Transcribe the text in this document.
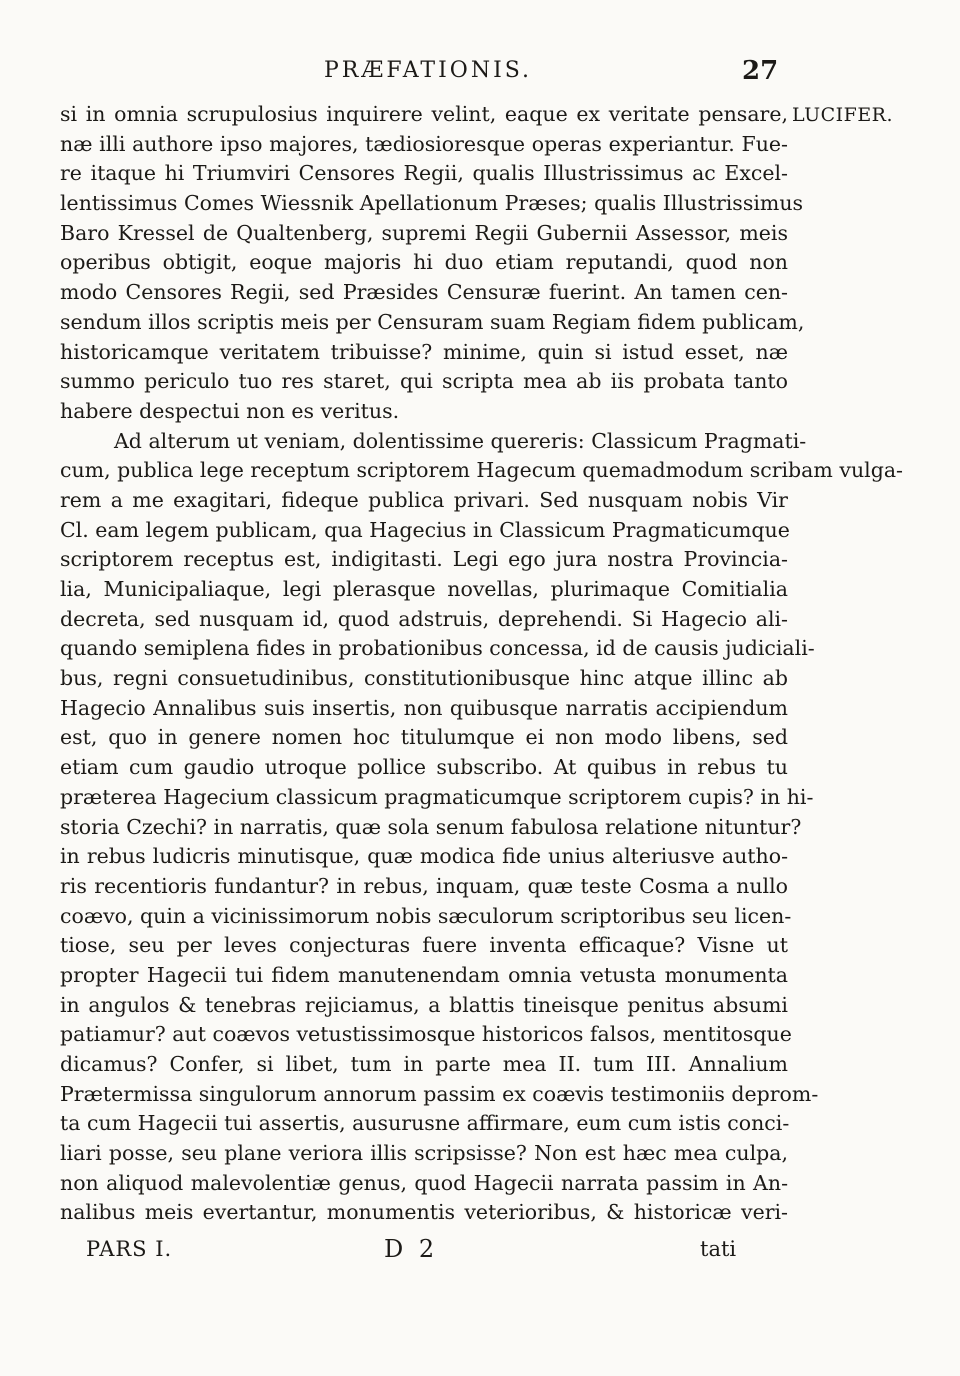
PRÆFATIONIS.	27
LUCIFER.
si in omnia scrupulosius inquirere velint, eaque ex veritate pensare,
næ illi authore ipso majores, tædiosioresque operas experiantur. Fue-
re itaque hi Triumviri Censores Regii, qualis Illustrissimus ac Excel-
lentissimus Comes Wiessnik Apellationum Præses; qualis Illustrissimus
Baro Kressel de Qualtenberg, supremi Regii Gubernii Assessor, meis
operibus obtigit, eoque majoris hi duo etiam reputandi, quod non
modo Censores Regii, sed Præsides Censuræ fuerint. An tamen cen-
sendum illos scriptis meis per Censuram suam Regiam fidem publicam,
historicamque veritatem tribuisse? minime, quin si istud esset, næ
summo periculo tuo res staret, qui scripta mea ab iis probata tanto
habere despectui non es veritus.
Ad alterum ut veniam, dolentissime quereris: Classicum Pragmati-
cum, publica lege receptum scriptorem Hagecum quemadmodum scribam vulga-
rem a me exagitari, fideque publica privari. Sed nusquam nobis Vir
Cl. eam legem publicam, qua Hagecius in Classicum Pragmaticumque
scriptorem receptus est, indigitasti. Legi ego jura nostra Provincia-
lia, Municipaliaque, legi plerasque novellas, plurimaque Comitialia
decreta, sed nusquam id, quod adstruis, deprehendi. Si Hagecio ali-
quando semiplena fides in probationibus concessa, id de causis judiciali-
bus, regni consuetudinibus, constitutionibusque hinc atque illinc ab
Hagecio Annalibus suis insertis, non quibusque narratis accipiendum
est, quo in genere nomen hoc titulumque ei non modo libens, sed
etiam cum gaudio utroque pollice subscribo. At quibus in rebus tu
præterea Hagecium classicum pragmaticumque scriptorem cupis? in hi-
storia Czechi? in narratis, quæ sola senum fabulosa relatione nituntur?
in rebus ludicris minutisque, quæ modica fide unius alteriusve autho-
ris recentioris fundantur? in rebus, inquam, quæ teste Cosma a nullo
coævo, quin a vicinissimorum nobis sæculorum scriptoribus seu licen-
tiose, seu per leves conjecturas fuere inventa efficaque? Visne ut
propter Hagecii tui fidem manutenendam omnia vetusta monumenta
in angulos & tenebras rejiciamus, a blattis tineisque penitus absumi
patiamur? aut coævos vetustissimosque historicos falsos, mentitosque
dicamus? Confer, si libet, tum in parte mea II. tum III. Annalium
Prætermissa singulorum annorum passim ex coævis testimoniis deprom-
ta cum Hagecii tui assertis, ausurusne affirmare, eum cum istis conci-
liari posse, seu plane veriora illis scripsisse? Non est hæc mea culpa,
non aliquod malevolentiæ genus, quod Hagecii narrata passim in An-
nalibus meis evertantur, monumentis veterioribus, & historicæ veri-
PARS I.	D 2	tati
